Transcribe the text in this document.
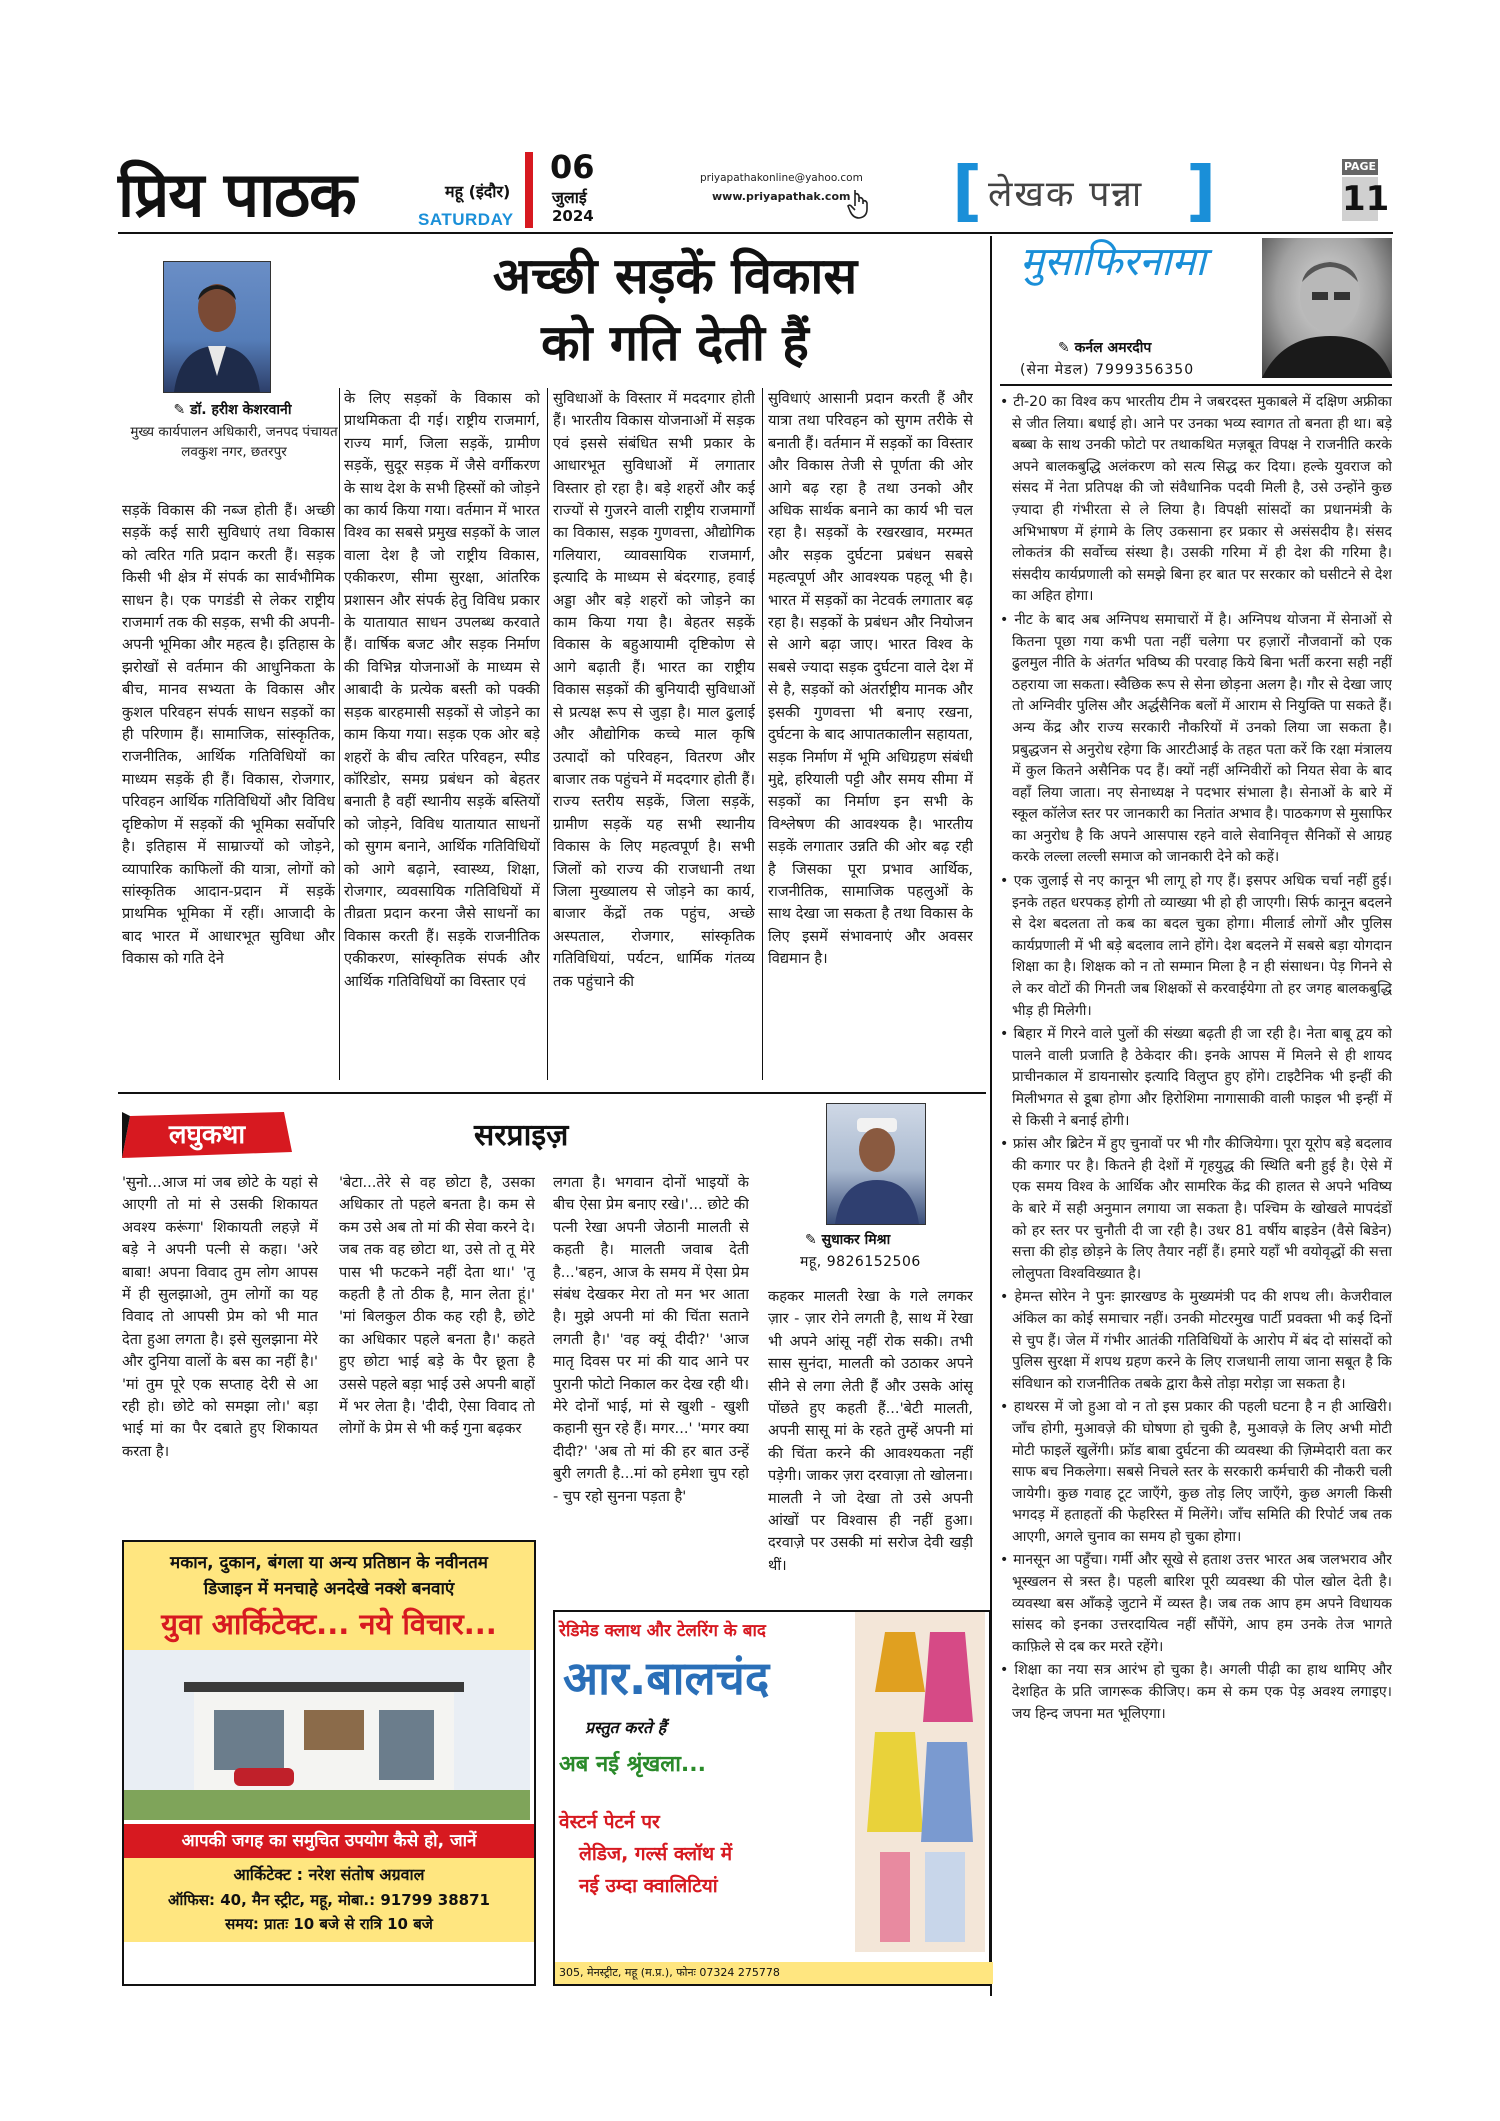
प्रिय पाठक	महू (इंदौर)
SATURDAY
06
जुलाई
2024
priyapathakonline@yahoo.com
www.priyapathak.com [ लेखक पन्ना ]	PAGE
11
अच्छी सड़कें विकास
को गति देती हैं
✎ डॉ. हरीश केशरवानी
मुख्य कार्यपालन अधिकारी, जनपद पंचायत लवकुश नगर, छतरपुर
सड़कें विकास की नब्ज होती हैं। अच्छी सड़कें कई सारी सुविधाएं तथा विकास को त्वरित गति प्रदान करती हैं। सड़क किसी भी क्षेत्र में संपर्क का सार्वभौमिक साधन है। एक पगडंडी से लेकर राष्ट्रीय राजमार्ग तक की सड़क, सभी की अपनी-अपनी भूमिका और महत्व है। इतिहास के झरोखों से वर्तमान की आधुनिकता के बीच, मानव सभ्यता के विकास और कुशल परिवहन संपर्क साधन सड़कों का ही परिणाम हैं। सामाजिक, सांस्कृतिक, राजनीतिक, आर्थिक गतिविधियों का माध्यम सड़कें ही हैं। विकास, रोजगार, परिवहन आर्थिक गतिविधियों और विविध दृष्टिकोण में सड़कों की भूमिका सर्वोपरि है। इतिहास में साम्राज्यों को जोड़ने, व्यापारिक काफिलों की यात्रा, लोगों को सांस्कृतिक आदान-प्रदान में सड़कें प्राथमिक भूमिका में रहीं। आजादी के बाद भारत में आधारभूत सुविधा और विकास को गति देने
के लिए सड़कों के विकास को प्राथमिकता दी गई। राष्ट्रीय राजमार्ग, राज्य मार्ग, जिला सड़कें, ग्रामीण सड़कें, सुदूर सड़क में जैसे वर्गीकरण के साथ देश के सभी हिस्सों को जोड़ने का कार्य किया गया। वर्तमान में भारत विश्व का सबसे प्रमुख सड़कों के जाल वाला देश है जो राष्ट्रीय विकास, एकीकरण, सीमा सुरक्षा, आंतरिक प्रशासन और संपर्क हेतु विविध प्रकार के यातायात साधन उपलब्ध करवाते हैं। वार्षिक बजट और सड़क निर्माण की विभिन्न योजनाओं के माध्यम से आबादी के प्रत्येक बस्ती को पक्की सड़क बारहमासी सड़कों से जोड़ने का काम किया गया। सड़क एक ओर बड़े शहरों के बीच त्वरित परिवहन, स्पीड कॉरिडोर, समग्र प्रबंधन को बेहतर बनाती है वहीं स्थानीय सड़कें बस्तियों को जोड़ने, विविध यातायात साधनों को सुगम बनाने, आर्थिक गतिविधियों को आगे बढ़ाने, स्वास्थ्य, शिक्षा, रोजगार, व्यवसायिक गतिविधियों में तीव्रता प्रदान करना जैसे साधनों का विकास करती हैं। सड़कें राजनीतिक एकीकरण, सांस्कृतिक संपर्क और आर्थिक गतिविधियों का विस्तार एवं
सुविधाओं के विस्तार में मददगार होती हैं। भारतीय विकास योजनाओं में सड़क एवं इससे संबंधित सभी प्रकार के आधारभूत सुविधाओं में लगातार विस्तार हो रहा है। बड़े शहरों और कई राज्यों से गुजरने वाली राष्ट्रीय राजमार्गों का विकास, सड़क गुणवत्ता, औद्योगिक गलियारा, व्यावसायिक राजमार्ग, इत्यादि के माध्यम से बंदरगाह, हवाई अड्डा और बड़े शहरों को जोड़ने का काम किया गया है। बेहतर सड़कें विकास के बहुआयामी दृष्टिकोण से आगे बढ़ाती हैं। भारत का राष्ट्रीय विकास सड़कों की बुनियादी सुविधाओं से प्रत्यक्ष रूप से जुड़ा है। माल ढुलाई और औद्योगिक कच्चे माल कृषि उत्पादों को परिवहन, वितरण और बाजार तक पहुंचने में मददगार होती हैं। राज्य स्तरीय सड़कें, जिला सड़कें, ग्रामीण सड़कें यह सभी स्थानीय विकास के लिए महत्वपूर्ण है। सभी जिलों को राज्य की राजधानी तथा जिला मुख्यालय से जोड़ने का कार्य, बाजार केंद्रों तक पहुंच, अच्छे अस्पताल, रोजगार, सांस्कृतिक गतिविधियां, पर्यटन, धार्मिक गंतव्य तक पहुंचाने की
सुविधाएं आसानी प्रदान करती हैं और यात्रा तथा परिवहन को सुगम तरीके से बनाती हैं। वर्तमान में सड़कों का विस्तार और विकास तेजी से पूर्णता की ओर आगे बढ़ रहा है तथा उनको और अधिक सार्थक बनाने का कार्य भी चल रहा है। सड़कों के रखरखाव, मरम्मत और सड़क दुर्घटना प्रबंधन सबसे महत्वपूर्ण और आवश्यक पहलू भी है। भारत में सड़कों का नेटवर्क लगातार बढ़ रहा है। सड़कों के प्रबंधन और नियोजन से आगे बढ़ा जाए। भारत विश्व के सबसे ज्यादा सड़क दुर्घटना वाले देश में से है, सड़कों को अंतर्राष्ट्रीय मानक और इसकी गुणवत्ता भी बनाए रखना, दुर्घटना के बाद आपातकालीन सहायता, सड़क निर्माण में भूमि अधिग्रहण संबंधी मुद्दे, हरियाली पट्टी और समय सीमा में सड़कों का निर्माण इन सभी के विश्लेषण की आवश्यक है। भारतीय सड़कें लगातार उन्नति की ओर बढ़ रही है जिसका पूरा प्रभाव आर्थिक, राजनीतिक, सामाजिक पहलुओं के साथ देखा जा सकता है तथा विकास के लिए इसमें संभावनाएं और अवसर विद्यमान है।
लघुकथा	सरप्राइज़
✎ सुधाकर मिश्रा
महू, 9826152506
'सुनो...आज मां जब छोटे के यहां से आएगी तो मां से उसकी शिकायत अवश्य करूंगा' शिकायती लहज़े में बड़े ने अपनी पत्नी से कहा। 'अरे बाबा! अपना विवाद तुम लोग आपस में ही सुलझाओ, तुम लोगों का यह विवाद तो आपसी प्रेम को भी मात देता हुआ लगता है। इसे सुलझाना मेरे और दुनिया वालों के बस का नहीं है।' 'मां तुम पूरे एक सप्ताह देरी से आ रही हो। छोटे को समझा लो।' बड़ा भाई मां का पैर दबाते हुए शिकायत करता है।
'बेटा...तेरे से वह छोटा है, उसका अधिकार तो पहले बनता है। कम से कम उसे अब तो मां की सेवा करने दे। जब तक वह छोटा था, उसे तो तू मेरे पास भी फटकने नहीं देता था।' 'तू कहती है तो ठीक है, मान लेता हूं।' 'मां बिलकुल ठीक कह रही है, छोटे का अधिकार पहले बनता है।' कहते हुए छोटा भाई बड़े के पैर छूता है उससे पहले बड़ा भाई उसे अपनी बाहों में भर लेता है। 'दीदी, ऐसा विवाद तो लोगों के प्रेम से भी कई गुना बढ़कर
लगता है। भगवान दोनों भाइयों के बीच ऐसा प्रेम बनाए रखे।'... छोटे की पत्नी रेखा अपनी जेठानी मालती से कहती है। मालती जवाब देती है...'बहन, आज के समय में ऐसा प्रेम संबंध देखकर मेरा तो मन भर आता है। मुझे अपनी मां की चिंता सताने लगती है।' 'वह क्यूं दीदी?' 'आज मातृ दिवस पर मां की याद आने पर पुरानी फोटो निकाल कर देख रही थी। मेरे दोनों भाई, मां से खुशी - खुशी कहानी सुन रहे हैं। मगर...' 'मगर क्या दीदी?' 'अब तो मां की हर बात उन्हें बुरी लगती है...मां को हमेशा चुप रहो - चुप रहो सुनना पड़ता है'
कहकर मालती रेखा के गले लगकर ज़ार - ज़ार रोने लगती है, साथ में रेखा भी अपने आंसू नहीं रोक सकी। तभी सास सुनंदा, मालती को उठाकर अपने सीने से लगा लेती हैं और उसके आंसू पोंछते हुए कहती हैं...'बेटी मालती, अपनी सासू मां के रहते तुम्हें अपनी मां की चिंता करने की आवश्यकता नहीं पड़ेगी। जाकर ज़रा दरवाज़ा तो खोलना। मालती ने जो देखा तो उसे अपनी आंखों पर विश्वास ही नहीं हुआ। दरवाज़े पर उसकी मां सरोज देवी खड़ी थीं।
मकान, दुकान, बंगला या अन्य प्रतिष्ठान के नवीनतम
डिजाइन में मनचाहे अनदेखे नक्शे बनवाएं
युवा आर्किटेक्ट... नये विचार...
आपकी जगह का समुचित उपयोग कैसे हो, जानें
आर्किटेक्ट : नरेश संतोष अग्रवाल
ऑफिस: 40, मैन स्ट्रीट, महू, मोबा.: 91799 38871
समय: प्रातः 10 बजे से रात्रि 10 बजे
रेडिमेड क्लाथ और टेलरिंग के बाद
आर.बालचंद
प्रस्तुत करते हैं
अब नई श्रृंखला...
वेस्टर्न पेटर्न पर
लेडिज, गर्ल्स क्लॉथ में
नई उम्दा क्वालिटियां
305, मेनस्ट्रीट, महू (म.प्र.), फोनः 07324 275778
मुसाफिरनामा
✎ कर्नल अमरदीप
(सेना मेडल) 7999356350
• टी-20 का विश्व कप भारतीय टीम ने जबरदस्त मुकाबले में दक्षिण अफ्रीका से जीत लिया। बधाई हो। आने पर उनका भव्य स्वागत तो बनता ही था। बड़े बब्बा के साथ उनकी फोटो पर तथाकथित मज़बूत विपक्ष ने राजनीति करके अपने बालकबुद्धि अलंकरण को सत्य सिद्ध कर दिया। हल्के युवराज को संसद में नेता प्रतिपक्ष की जो संवैधानिक पदवी मिली है, उसे उन्होंने कुछ ज़्यादा ही गंभीरता से ले लिया है। विपक्षी सांसदों का प्रधानमंत्री के अभिभाषण में हंगामे के लिए उकसाना हर प्रकार से असंसदीय है। संसद लोकतंत्र की सर्वोच्च संस्था है। उसकी गरिमा में ही देश की गरिमा है। संसदीय कार्यप्रणाली को समझे बिना हर बात पर सरकार को घसीटने से देश का अहित होगा।
• नीट के बाद अब अग्निपथ समाचारों में है। अग्निपथ योजना में सेनाओं से कितना पूछा गया कभी पता नहीं चलेगा पर हज़ारों नौजवानों को एक ढुलमुल नीति के अंतर्गत भविष्य की परवाह किये बिना भर्ती करना सही नहीं ठहराया जा सकता। स्वैछिक रूप से सेना छोड़ना अलग है। गौर से देखा जाए तो अग्निवीर पुलिस और अर्द्धसैनिक बलों में आराम से नियुक्ति पा सकते हैं। अन्य केंद्र और राज्य सरकारी नौकरियों में उनको लिया जा सकता है। प्रबुद्धजन से अनुरोध रहेगा कि आरटीआई के तहत पता करें कि रक्षा मंत्रालय में कुल कितने असैनिक पद हैं। क्यों नहीं अग्निवीरों को नियत सेवा के बाद वहाँ लिया जाता। नए सेनाध्यक्ष ने पदभार संभाला है। सेनाओं के बारे में स्कूल कॉलेज स्तर पर जानकारी का नितांत अभाव है। पाठकगण से मुसाफिर का अनुरोध है कि अपने आसपास रहने वाले सेवानिवृत्त सैनिकों से आग्रह करके लल्ला लल्ली समाज को जानकारी देने को कहें।
• एक जुलाई से नए कानून भी लागू हो गए हैं। इसपर अधिक चर्चा नहीं हुई। इनके तहत धरपकड़ होगी तो व्याख्या भी हो ही जाएगी। सिर्फ कानून बदलने से देश बदलता तो कब का बदल चुका होगा। मीलार्ड लोगों और पुलिस कार्यप्रणाली में भी बड़े बदलाव लाने होंगे। देश बदलने में सबसे बड़ा योगदान शिक्षा का है। शिक्षक को न तो सम्मान मिला है न ही संसाधन। पेड़ गिनने से ले कर वोटों की गिनती जब शिक्षकों से करवाईयेगा तो हर जगह बालकबुद्धि भीड़ ही मिलेगी।
• बिहार में गिरने वाले पुलों की संख्या बढ़ती ही जा रही है। नेता बाबू द्वय को पालने वाली प्रजाति है ठेकेदार की। इनके आपस में मिलने से ही शायद प्राचीनकाल में डायनासोर इत्यादि विलुप्त हुए होंगे। टाइटैनिक भी इन्हीं की मिलीभगत से डूबा होगा और हिरोशिमा नागासाकी वाली फाइल भी इन्हीं में से किसी ने बनाई होगी।
• फ्रांस और ब्रिटेन में हुए चुनावों पर भी गौर कीजियेगा। पूरा यूरोप बड़े बदलाव की कगार पर है। कितने ही देशों में गृहयुद्ध की स्थिति बनी हुई है। ऐसे में एक समय विश्व के आर्थिक और सामरिक केंद्र की हालत से अपने भविष्य के बारे में सही अनुमान लगाया जा सकता है। पश्चिम के खोखले मापदंडों को हर स्तर पर चुनौती दी जा रही है। उधर 81 वर्षीय बाइडेन (वैसे बिडेन) सत्ता की होड़ छोड़ने के लिए तैयार नहीं हैं। हमारे यहाँ भी वयोवृद्धों की सत्ता लोलुपता विश्वविख्यात है।
• हेमन्त सोरेन ने पुनः झारखण्ड के मुख्यमंत्री पद की शपथ ली। केजरीवाल अंकिल का कोई समाचार नहीं। उनकी मोटरमुख पार्टी प्रवक्ता भी कई दिनों से चुप हैं। जेल में गंभीर आतंकी गतिविधियों के आरोप में बंद दो सांसदों को पुलिस सुरक्षा में शपथ ग्रहण करने के लिए राजधानी लाया जाना सबूत है कि संविधान को राजनीतिक तबके द्वारा कैसे तोड़ा मरोड़ा जा सकता है।
• हाथरस में जो हुआ वो न तो इस प्रकार की पहली घटना है न ही आखिरी। जाँच होगी, मुआवज़े की घोषणा हो चुकी है, मुआवज़े के लिए अभी मोटी मोटी फाइलें खुलेंगी। फ्रॉड बाबा दुर्घटना की व्यवस्था की ज़िम्मेदारी वता कर साफ बच निकलेगा। सबसे निचले स्तर के सरकारी कर्मचारी की नौकरी चली जायेगी। कुछ गवाह टूट जाएँगे, कुछ तोड़ लिए जाएँगे, कुछ अगली किसी भगदड़ में हताहतों की फेहरिस्त में मिलेंगे। जाँच समिति की रिपोर्ट जब तक आएगी, अगले चुनाव का समय हो चुका होगा।
• मानसून आ पहुँचा। गर्मी और सूखे से हताश उत्तर भारत अब जलभराव और भूस्खलन से त्रस्त है। पहली बारिश पूरी व्यवस्था की पोल खोल देती है। व्यवस्था बस आँकड़े जुटाने में व्यस्त है। जब तक आप हम अपने विधायक सांसद को इनका उत्तरदायित्व नहीं सौंपेंगे, आप हम उनके तेज भागते काफ़िले से दब कर मरते रहेंगे।
• शिक्षा का नया सत्र आरंभ हो चुका है। अगली पीढ़ी का हाथ थामिए और देशहित के प्रति जागरूक कीजिए। कम से कम एक पेड़ अवश्य लगाइए। जय हिन्द जपना मत भूलिएगा।
